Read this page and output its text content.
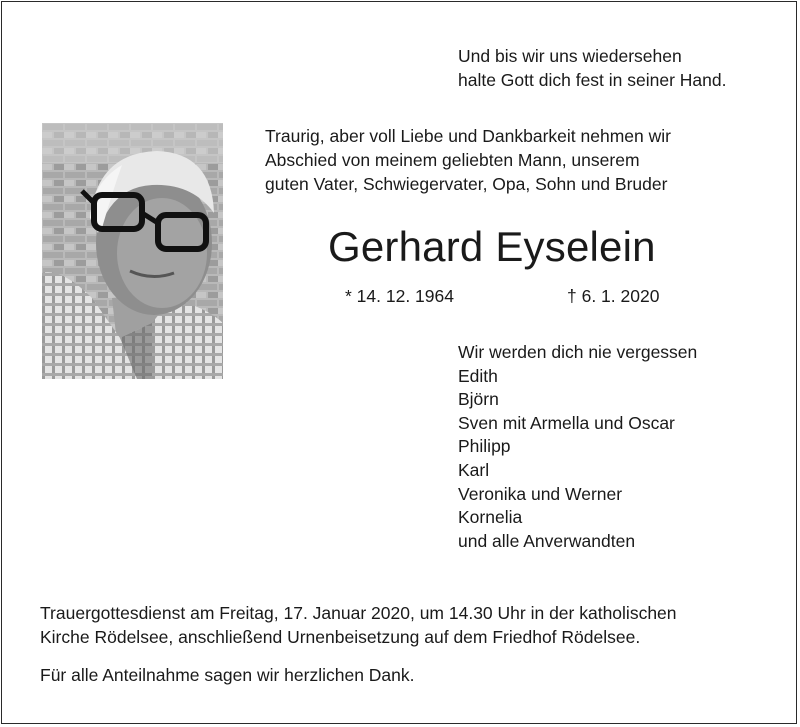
Und bis wir uns wiedersehen
halte Gott dich fest in seiner Hand.
Traurig, aber voll Liebe und Dankbarkeit nehmen wir
Abschied von meinem geliebten Mann, unserem
guten Vater, Schwiegervater, Opa, Sohn und Bruder
Gerhard Eyselein
* 14. 12. 1964	† 6. 1. 2020
Wir werden dich nie vergessen
Edith
Björn
Sven mit Armella und Oscar
Philipp
Karl
Veronika und Werner
Kornelia
und alle Anverwandten
Trauergottesdienst am Freitag, 17. Januar 2020, um 14.30 Uhr in der katholischen
Kirche Rödelsee, anschließend Urnenbeisetzung auf dem Friedhof Rödelsee.
Für alle Anteilnahme sagen wir herzlichen Dank.
